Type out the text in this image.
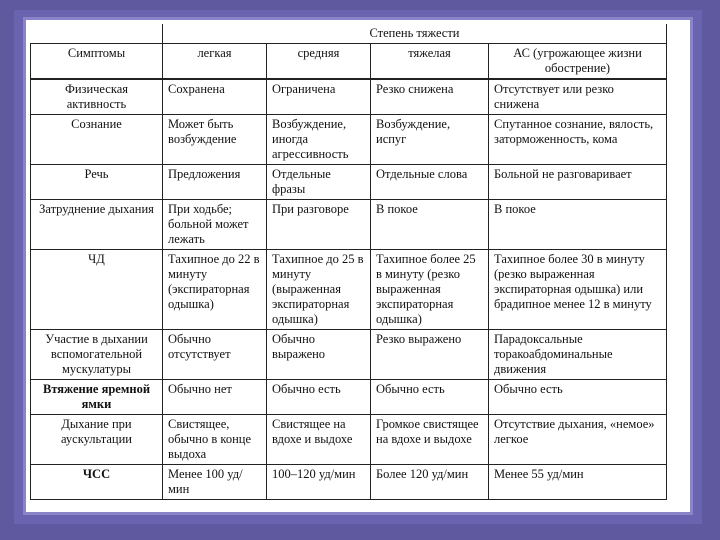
	Степень тяжести			
Симптомы	легкая	средняя	тяжелая	АС (угрожающее жизни обострение)
Физическая активность	Сохранена	Ограничена	Резко снижена	Отсутствует или резко снижена
Сознание	Может быть возбуждение	Возбуждение, иногда агрессивность	Возбуждение, испуг	Спутанное сознание, вялость, заторможенность, кома
Речь	Предложения	Отдельные фразы	Отдельные слова	Больной не разговаривает
Затруднение дыхания	При ходьбе; больной может лежать	При разговоре	В покое	В покое
ЧД	Тахипное до 22 в минуту (экспираторная одышка)	Тахипное до 25 в минуту (выраженная экспираторная одышка)	Тахипное более 25 в минуту (резко выраженная экспираторная одышка)	Тахипное более 30 в минуту (резко выраженная экспираторная одышка) или брадипное менее 12 в минуту
Участие в дыхании вспомогательной мускулатуры	Обычно отсутствует	Обычно выражено	Резко выражено	Парадоксальные торакоабдоминальные движения
Втяжение яремной ямки	Обычно нет	Обычно есть	Обычно есть	Обычно есть
Дыхание при аускультации	Свистящее, обычно в конце выдоха	Свистящее на вдохе и выдохе	Громкое свистящее на вдохе и выдохе	Отсутствие дыхания, «немое» легкое
ЧСС	Менее 100 уд/мин	100–120 уд/мин	Более 120 уд/мин	Менее 55 уд/мин
